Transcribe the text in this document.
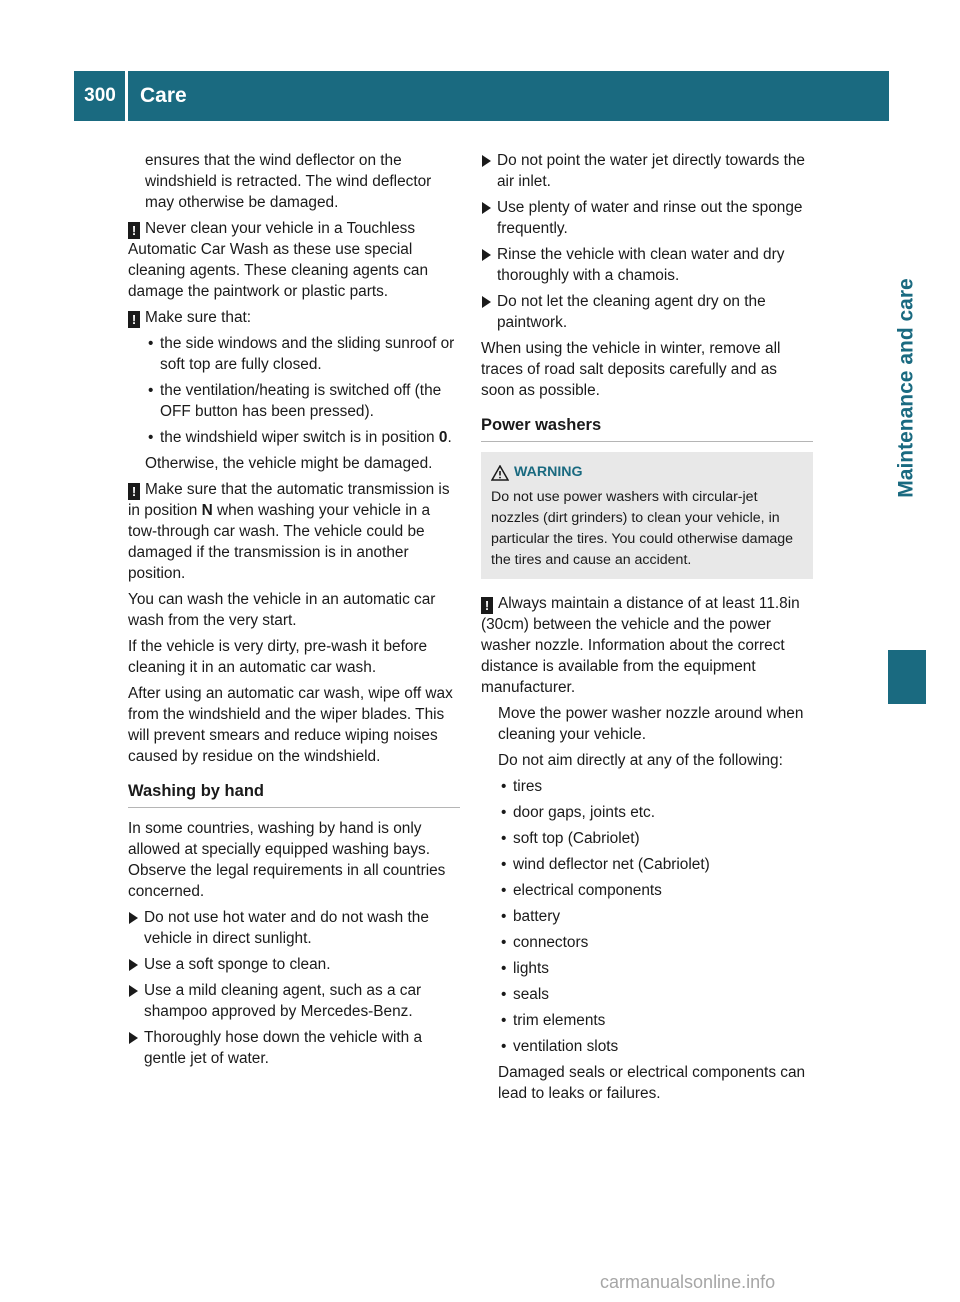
300	Care
Maintenance and care

ensures that the wind deflector on the windshield is retracted. The wind deflector may otherwise be damaged.

! Never clean your vehicle in a Touchless Automatic Car Wash as these use special cleaning agents. These cleaning agents can damage the paintwork or plastic parts.

! Make sure that:

• the side windows and the sliding sunroof or soft top are fully closed.
• the ventilation/heating is switched off (the OFF button has been pressed).
• the windshield wiper switch is in position 0.

Otherwise, the vehicle might be damaged.

! Make sure that the automatic transmission is in position N when washing your vehicle in a tow-through car wash. The vehicle could be damaged if the transmission is in another position.

You can wash the vehicle in an automatic car wash from the very start.

If the vehicle is very dirty, pre-wash it before cleaning it in an automatic car wash.

After using an automatic car wash, wipe off wax from the windshield and the wiper blades. This will prevent smears and reduce wiping noises caused by residue on the windshield.

Washing by hand

In some countries, washing by hand is only allowed at specially equipped washing bays. Observe the legal requirements in all countries concerned.

Do not use hot water and do not wash the vehicle in direct sunlight.
Use a soft sponge to clean.
Use a mild cleaning agent, such as a car shampoo approved by Mercedes-Benz.
Thoroughly hose down the vehicle with a gentle jet of water.
Do not point the water jet directly towards the air inlet.
Use plenty of water and rinse out the sponge frequently.
Rinse the vehicle with clean water and dry thoroughly with a chamois.
Do not let the cleaning agent dry on the paintwork.

When using the vehicle in winter, remove all traces of road salt deposits carefully and as soon as possible.

Power washers
WARNING
Do not use power washers with circular-jet nozzles (dirt grinders) to clean your vehicle, in particular the tires. You could otherwise damage the tires and cause an accident.

! Always maintain a distance of at least 11.8in (30cm) between the vehicle and the power washer nozzle. Information about the correct distance is available from the equipment manufacturer.

Move the power washer nozzle around when cleaning your vehicle.

Do not aim directly at any of the following:

• tires
• door gaps, joints etc.
• soft top (Cabriolet)
• wind deflector net (Cabriolet)
• electrical components
• battery
• connectors
• lights
• seals
• trim elements
• ventilation slots

Damaged seals or electrical components can lead to leaks or failures.

carmanualsonline.info
